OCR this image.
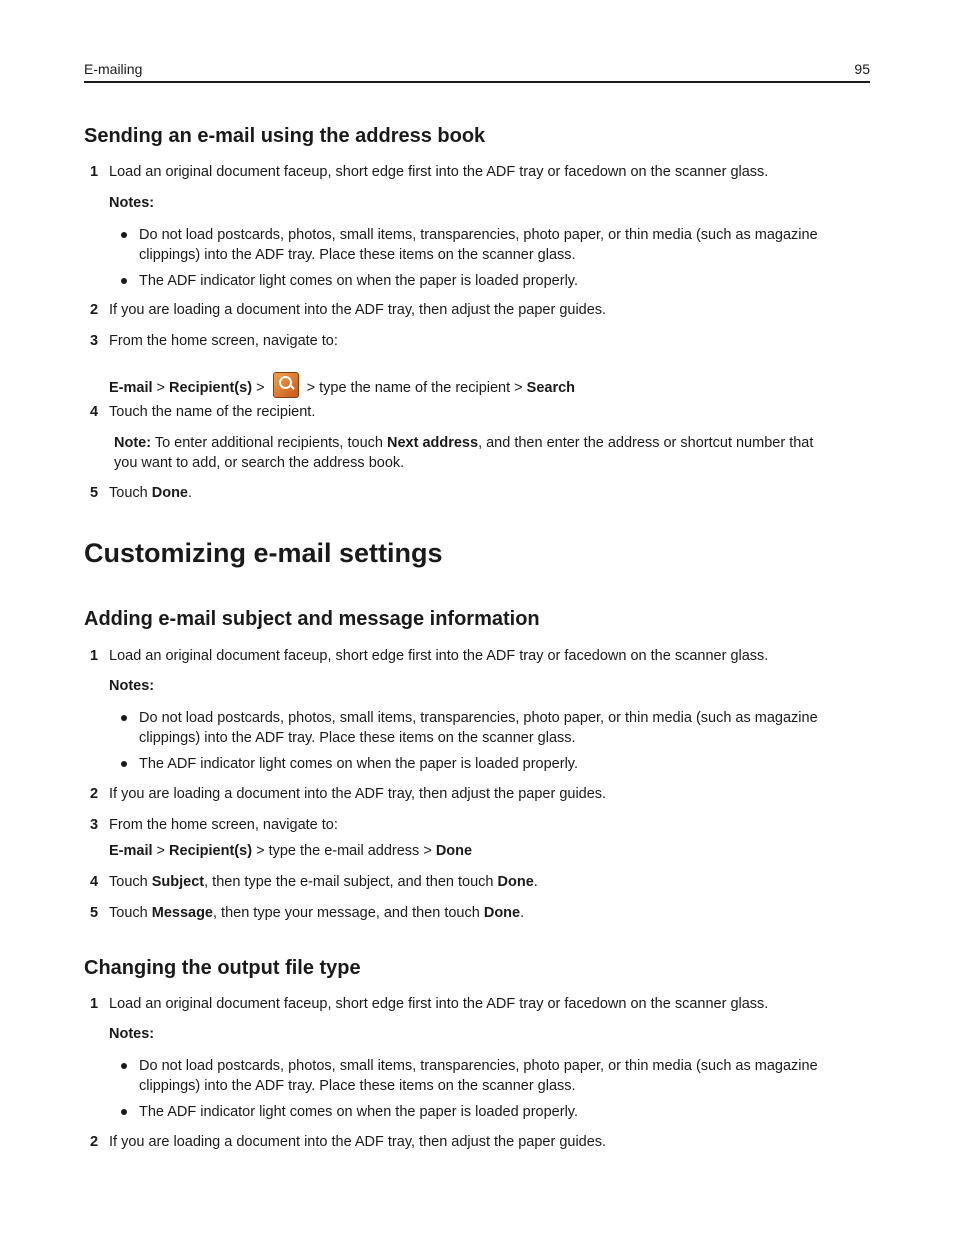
E-mailing	95
Sending an e-mail using the address book
1 Load an original document faceup, short edge first into the ADF tray or facedown on the scanner glass.
Notes:
Do not load postcards, photos, small items, transparencies, photo paper, or thin media (such as magazine
clippings) into the ADF tray. Place these items on the scanner glass.
The ADF indicator light comes on when the paper is loaded properly.
2 If you are loading a document into the ADF tray, then adjust the paper guides.
3 From the home screen, navigate to:
E-mail > Recipient(s) >  > type the name of the recipient > Search
4 Touch the name of the recipient.
Note: To enter additional recipients, touch Next address, and then enter the address or shortcut number that
you want to add, or search the address book.
5 Touch Done.
Customizing e-mail settings
Adding e-mail subject and message information
1 Load an original document faceup, short edge first into the ADF tray or facedown on the scanner glass.
Notes:
Do not load postcards, photos, small items, transparencies, photo paper, or thin media (such as magazine
clippings) into the ADF tray. Place these items on the scanner glass.
The ADF indicator light comes on when the paper is loaded properly.
2 If you are loading a document into the ADF tray, then adjust the paper guides.
3 From the home screen, navigate to:
E-mail > Recipient(s) > type the e-mail address > Done
4 Touch Subject, then type the e-mail subject, and then touch Done.
5 Touch Message, then type your message, and then touch Done.
Changing the output file type
1 Load an original document faceup, short edge first into the ADF tray or facedown on the scanner glass.
Notes:
Do not load postcards, photos, small items, transparencies, photo paper, or thin media (such as magazine
clippings) into the ADF tray. Place these items on the scanner glass.
The ADF indicator light comes on when the paper is loaded properly.
2 If you are loading a document into the ADF tray, then adjust the paper guides.
